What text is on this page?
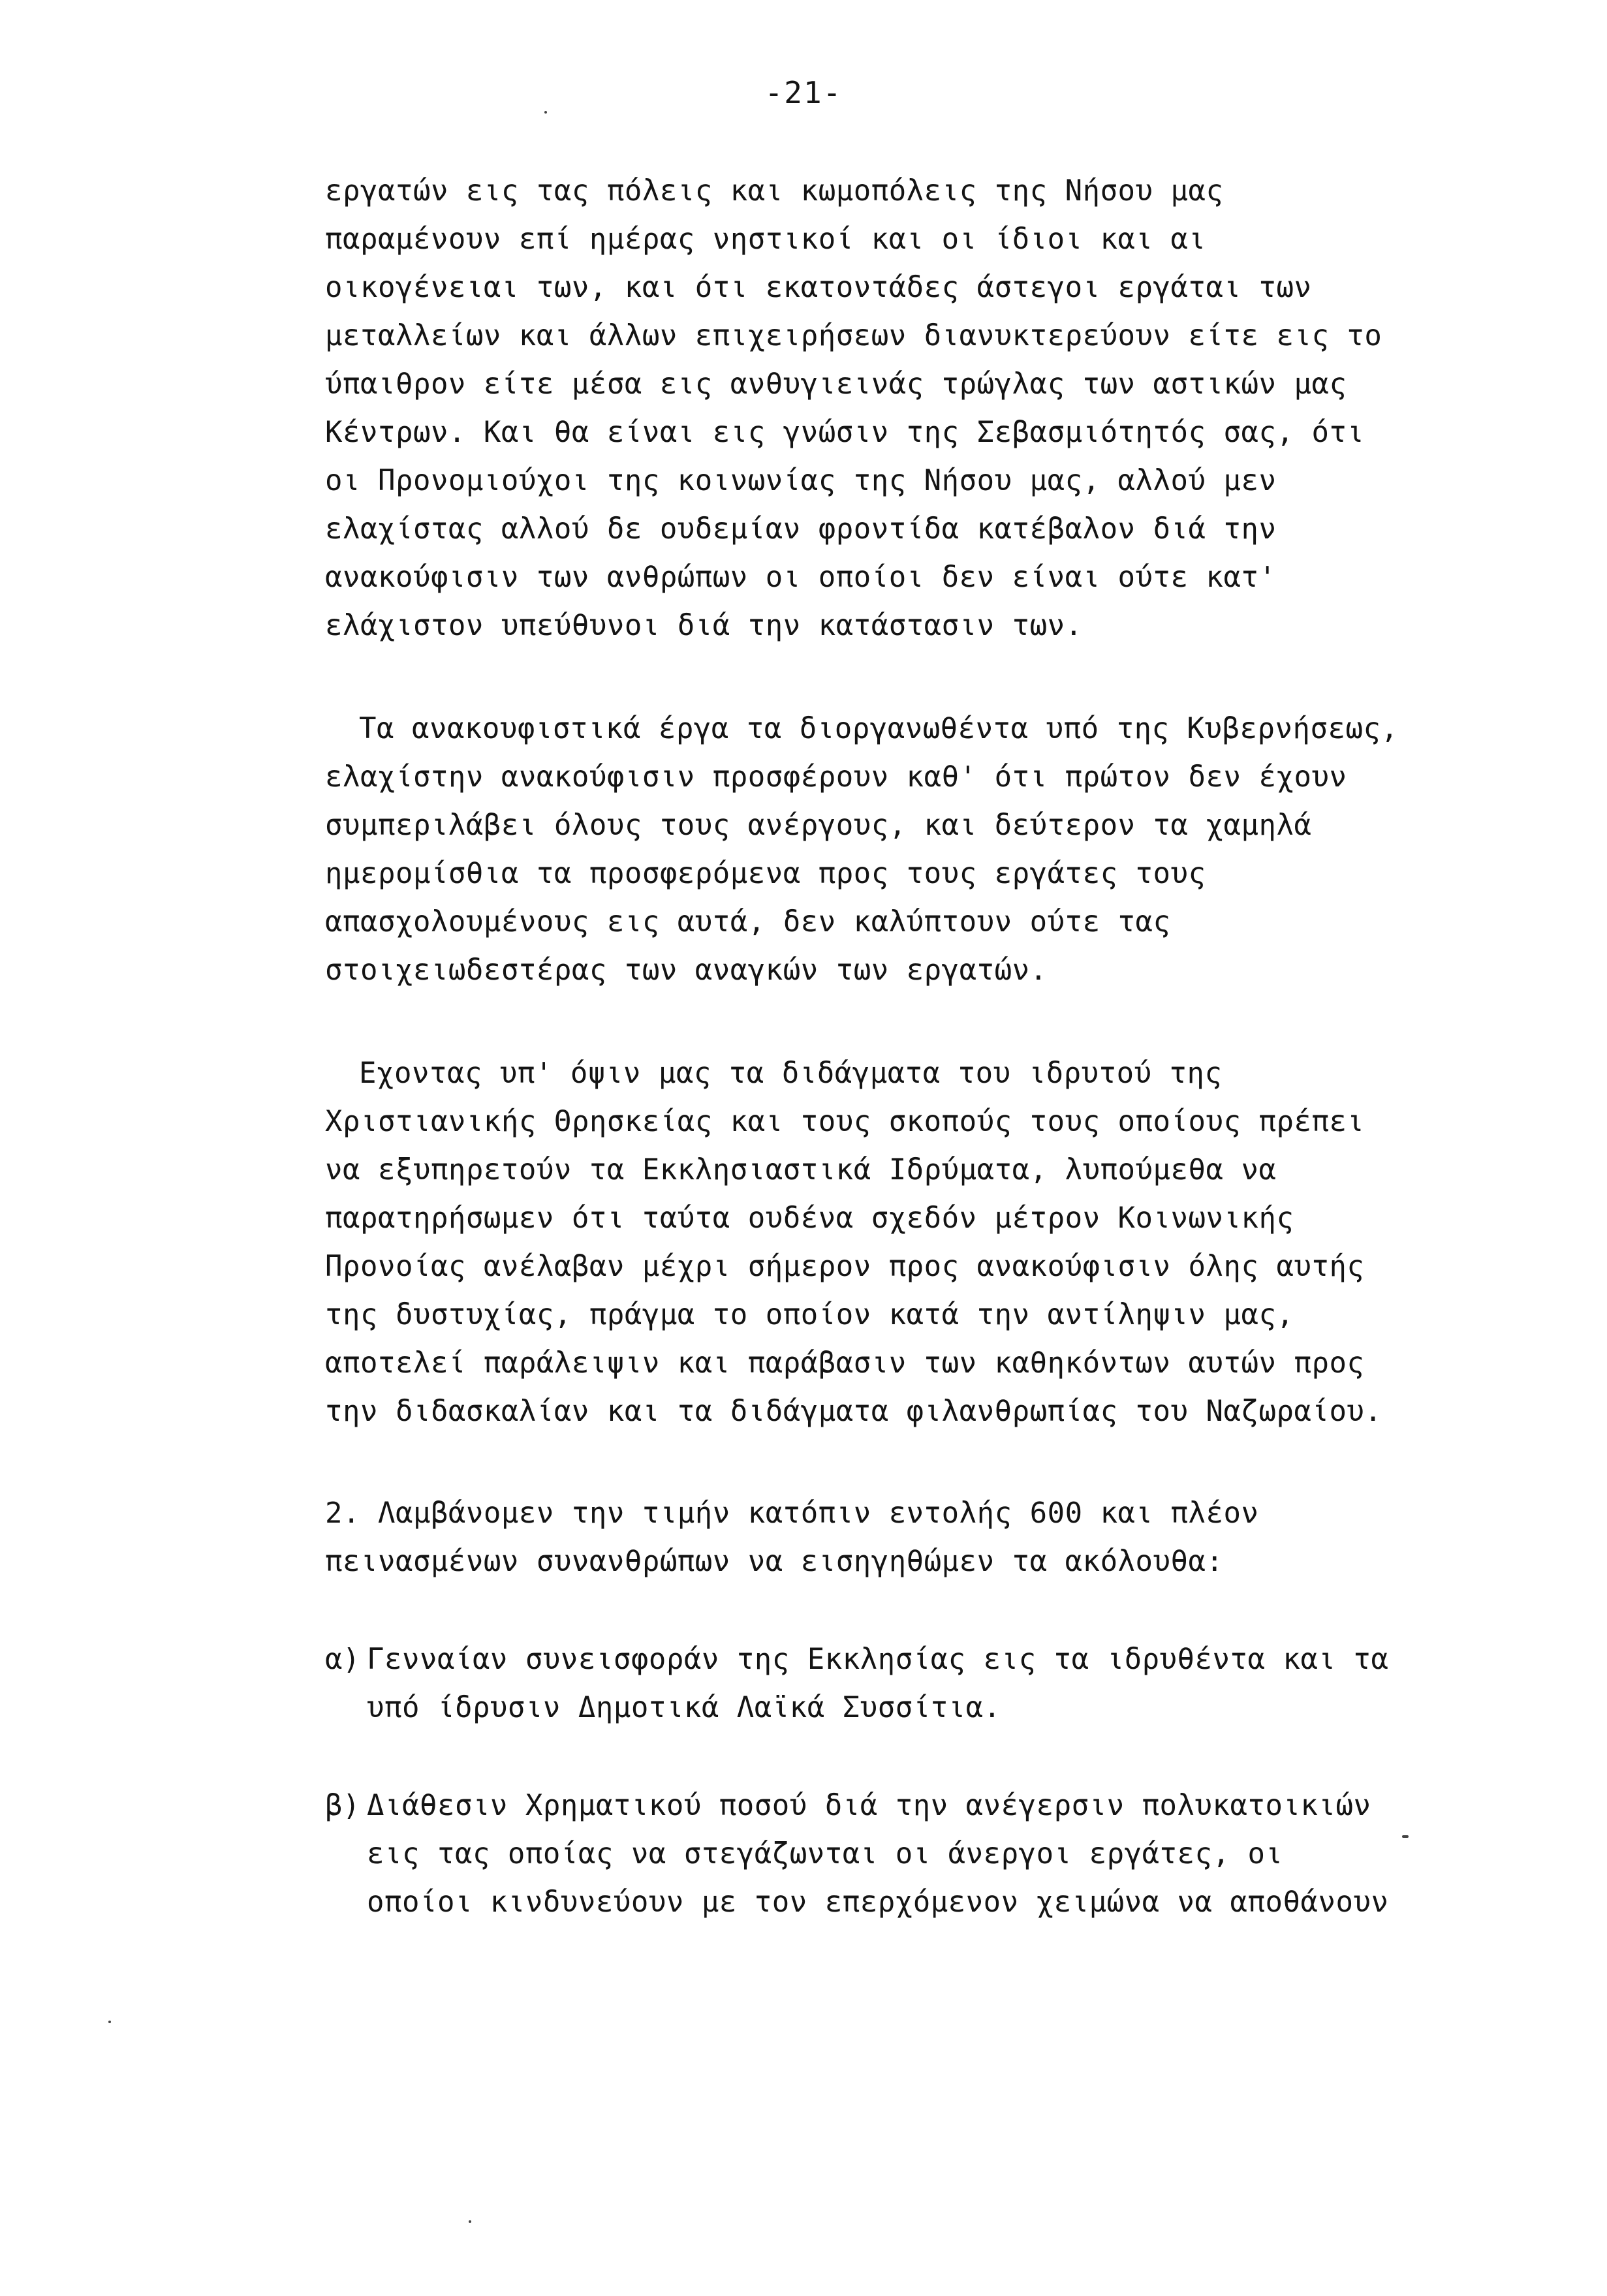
-21-
εργατών εις τας πόλεις και κωμοπόλεις της Νήσου μας
παραμένουν επί ημέρας νηστικοί και οι ίδιοι και αι
οικογένειαι των, και ότι εκατοντάδες άστεγοι εργάται των
μεταλλείων και άλλων επιχειρήσεων διανυκτερεύουν είτε εις το
ύπαιθρον είτε μέσα εις ανθυγιεινάς τρώγλας των αστικών μας
Κέντρων. Και θα είναι εις γνώσιν της Σεβασμιότητός σας, ότι
οι Προνομιούχοι της κοινωνίας της Νήσου μας, αλλού μεν
ελαχίστας αλλού δε ουδεμίαν φροντίδα κατέβαλον διά την
ανακούφισιν των ανθρώπων οι οποίοι δεν είναι ούτε κατ'
ελάχιστον υπεύθυνοι διά την κατάστασιν των.
Τα ανακουφιστικά έργα τα διοργανωθέντα υπό της Κυβερνήσεως,
ελαχίστην ανακούφισιν προσφέρουν καθ' ότι πρώτον δεν έχουν
συμπεριλάβει όλους τους ανέργους, και δεύτερον τα χαμηλά
ημερομίσθια τα προσφερόμενα προς τους εργάτες τους
απασχολουμένους εις αυτά, δεν καλύπτουν ούτε τας
στοιχειωδεστέρας των αναγκών των εργατών.
Εχοντας υπ' όψιν μας τα διδάγματα του ιδρυτού της
Χριστιανικής Θρησκείας και τους σκοπούς τους οποίους πρέπει
να εξυπηρετούν τα Εκκλησιαστικά Ιδρύματα, λυπούμεθα να
παρατηρήσωμεν ότι ταύτα ουδένα σχεδόν μέτρον Κοινωνικής
Προνοίας ανέλαβαν μέχρι σήμερον προς ανακούφισιν όλης αυτής
της δυστυχίας, πράγμα το οποίον κατά την αντίληψιν μας,
αποτελεί παράλειψιν και παράβασιν των καθηκόντων αυτών προς
την διδασκαλίαν και τα διδάγματα φιλανθρωπίας του Ναζωραίου.
2. Λαμβάνομεν την τιμήν κατόπιν εντολής 600 και πλέον
πεινασμένων συνανθρώπων να εισηγηθώμεν τα ακόλουθα:
α) Γενναίαν συνεισφοράν της Εκκλησίας εις τα ιδρυθέντα και τα
υπό ίδρυσιν Δημοτικά Λαϊκά Συσσίτια.
β) Διάθεσιν Χρηματικού ποσού διά την ανέγερσιν πολυκατοικιών
εις τας οποίας να στεγάζωνται οι άνεργοι εργάτες, οι
οποίοι κινδυνεύουν με τον επερχόμενον χειμώνα να αποθάνουν
